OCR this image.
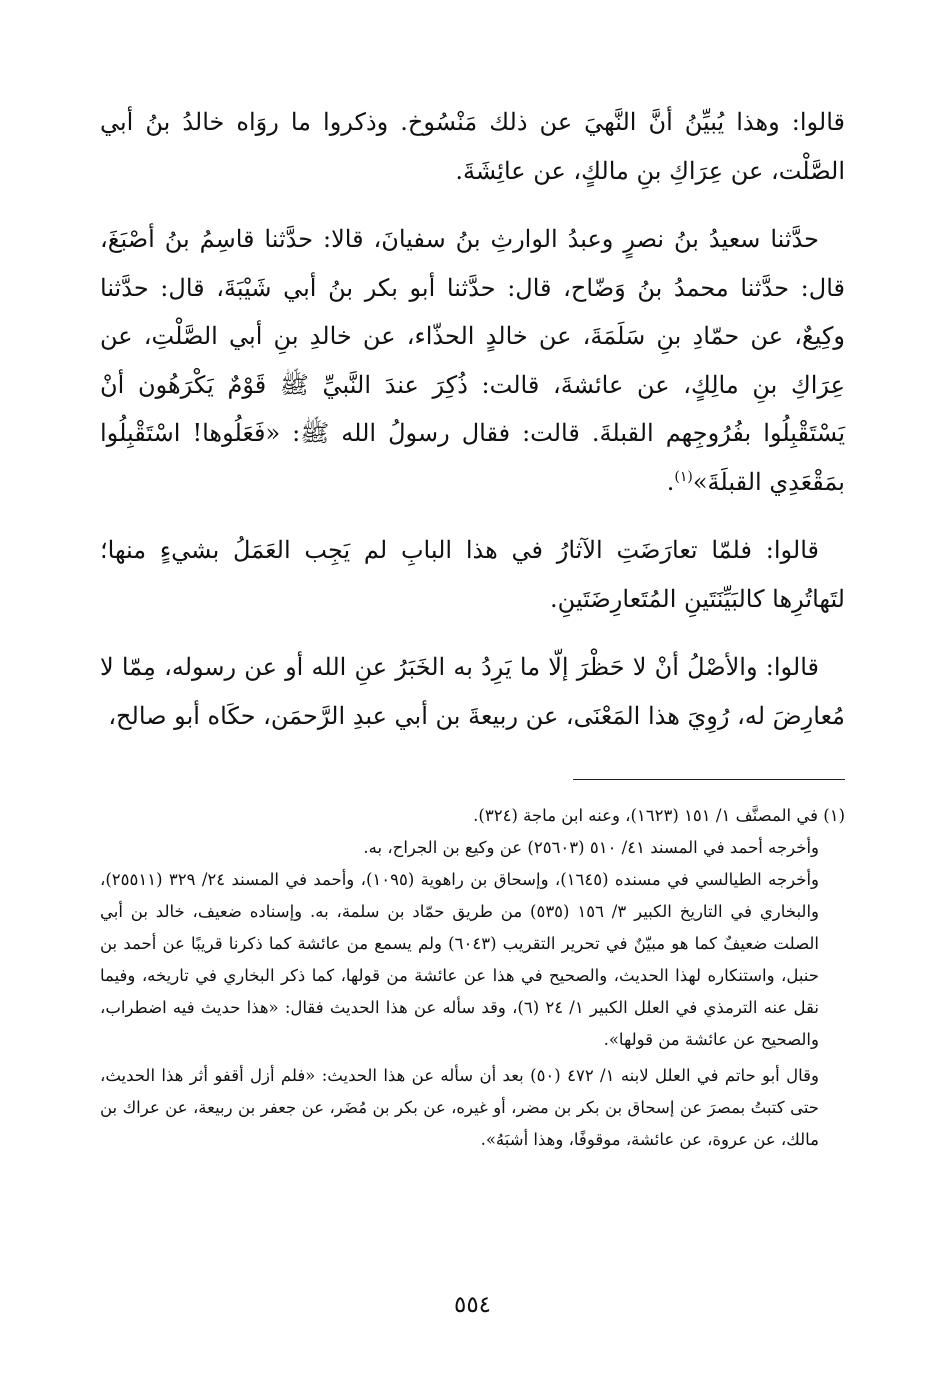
قالوا: وهذا يُبيِّنُ أنَّ النَّهيَ عن ذلك مَنْسُوخ. وذكروا ما روَاه خالدُ بنُ أبي الصَّلْت، عن عِرَاكِ بنِ مالكٍ، عن عائِشَةَ.

حدَّثنا سعيدُ بنُ نصرٍ وعبدُ الوارثِ بنُ سفيانَ، قالا: حدَّثنا قاسِمُ بنُ أصْبَغَ، قال: حدَّثنا محمدُ بنُ وَضّاح، قال: حدَّثنا أبو بكر بنُ أبي شَيْبَةَ، قال: حدَّثنا وكِيعٌ، عن حمّادِ بنِ سَلَمَةَ، عن خالدٍ الحذّاء، عن خالدِ بنِ أبي الصَّلْتِ، عن عِرَاكِ بنِ مالِكٍ، عن عائشةَ، قالت: ذُكِرَ عندَ النَّبيِّ ﷺ قَوْمٌ يَكْرَهُون أنْ يَسْتَقْبِلُوا بفُرُوجِهم القبلةَ. قالت: فقال رسولُ الله ﷺ: «فَعَلُوها! اسْتَقْبِلُوا بمَقْعَدِي القبلَةَ»$^{(١)}$.

قالوا: فلمّا تعارَضَتِ الآثارُ في هذا البابِ لم يَجِب العَمَلُ بشيءٍ منها؛ لتَهاتُرِها كالبَيِّنَتَينِ المُتَعارِضَتَينِ.

قالوا: والأصْلُ أنْ لا حَظْرَ إلّا ما يَرِدُ به الخَبَرُ عنِ الله أو عن رسوله، مِمّا لا مُعارِضَ له، رُوِيَ هذا المَعْنَى، عن ربيعةَ بن أبي عبدِ الرَّحمَن، حكَاه أبو صالح،

(١) في المصنَّف ١/ ١٥١ (١٦٢٣)، وعنه ابن ماجة (٣٢٤).

وأخرجه أحمد في المسند ٤١/ ٥١٠ (٢٥٦٠٣) عن وكيع بن الجراح، به.

وأخرجه الطيالسي في مسنده (١٦٤٥)، وإسحاق بن راهوية (١٠٩٥)، وأحمد في المسند ٢٤/ ٣٢٩ (٢٥٥١١)، والبخاري في التاريخ الكبير ٣/ ١٥٦ (٥٣٥) من طريق حمّاد بن سلمة، به. وإسناده ضعيف، خالد بن أبي الصلت ضعيفٌ كما هو مبيّنٌ في تحرير التقريب (٦٠٤٣) ولم يسمع من عائشة كما ذكرنا قريبًا عن أحمد بن حنبل، واستنكاره لهذا الحديث، والصحيح في هذا عن عائشة من قولها، كما ذكر البخاري في تاريخه، وفيما نقل عنه الترمذي في العلل الكبير ١/ ٢٤ (٦)، وقد سأله عن هذا الحديث فقال: «هذا حديث فيه اضطراب، والصحيح عن عائشة من قولها».

وقال أبو حاتم في العلل لابنه ١/ ٤٧٢ (٥٠) بعد أن سأله عن هذا الحديث: «فلم أزل أقفو أثر هذا الحديث، حتى كتبتُ بمصرَ عن إسحاق بن بكر بن مضر، أو غيره، عن بكر بن مُضَر، عن جعفر بن ربيعة، عن عراك بن مالك، عن عروة، عن عائشة، موقوفًا، وهذا أشبَهُ».

٥٥٤
